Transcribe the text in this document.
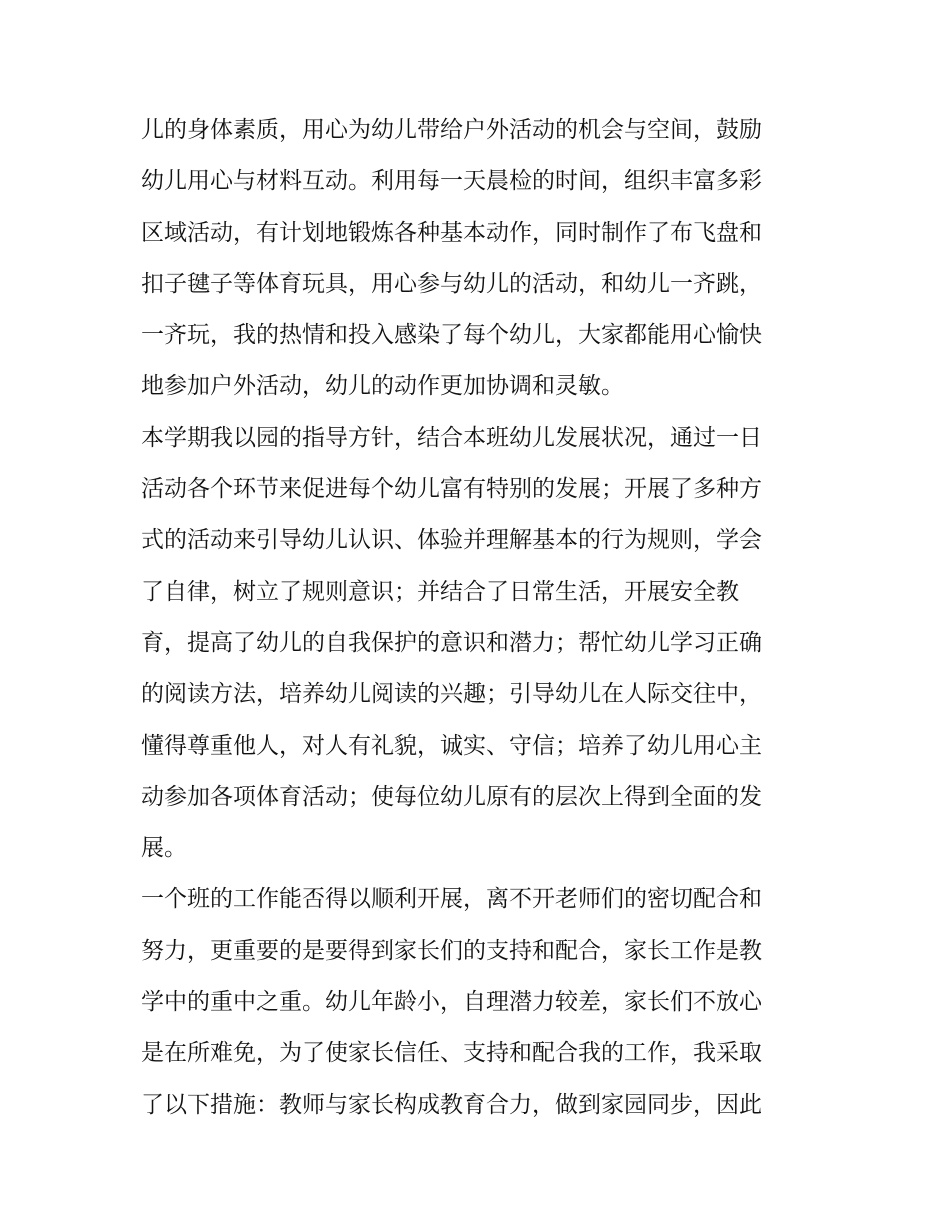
儿的身体素质，用心为幼儿带给户外活动的机会与空间，鼓励
幼儿用心与材料互动。利用每一天晨检的时间，组织丰富多彩
区域活动，有计划地锻炼各种基本动作，同时制作了布飞盘和
扣子毽子等体育玩具，用心参与幼儿的活动，和幼儿一齐跳，
一齐玩，我的热情和投入感染了每个幼儿，大家都能用心愉快
地参加户外活动，幼儿的动作更加协调和灵敏。
本学期我以园的指导方针，结合本班幼儿发展状况，通过一日
活动各个环节来促进每个幼儿富有特别的发展；开展了多种方
式的活动来引导幼儿认识、体验并理解基本的行为规则，学会
了自律，树立了规则意识；并结合了日常生活，开展安全教
育，提高了幼儿的自我保护的意识和潜力；帮忙幼儿学习正确
的阅读方法，培养幼儿阅读的兴趣；引导幼儿在人际交往中，
懂得尊重他人，对人有礼貌，诚实、守信；培养了幼儿用心主
动参加各项体育活动；使每位幼儿原有的层次上得到全面的发
展。
一个班的工作能否得以顺利开展，离不开老师们的密切配合和
努力，更重要的是要得到家长们的支持和配合，家长工作是教
学中的重中之重。幼儿年龄小，自理潜力较差，家长们不放心
是在所难免，为了使家长信任、支持和配合我的工作，我采取
了以下措施：教师与家长构成教育合力，做到家园同步，因此
